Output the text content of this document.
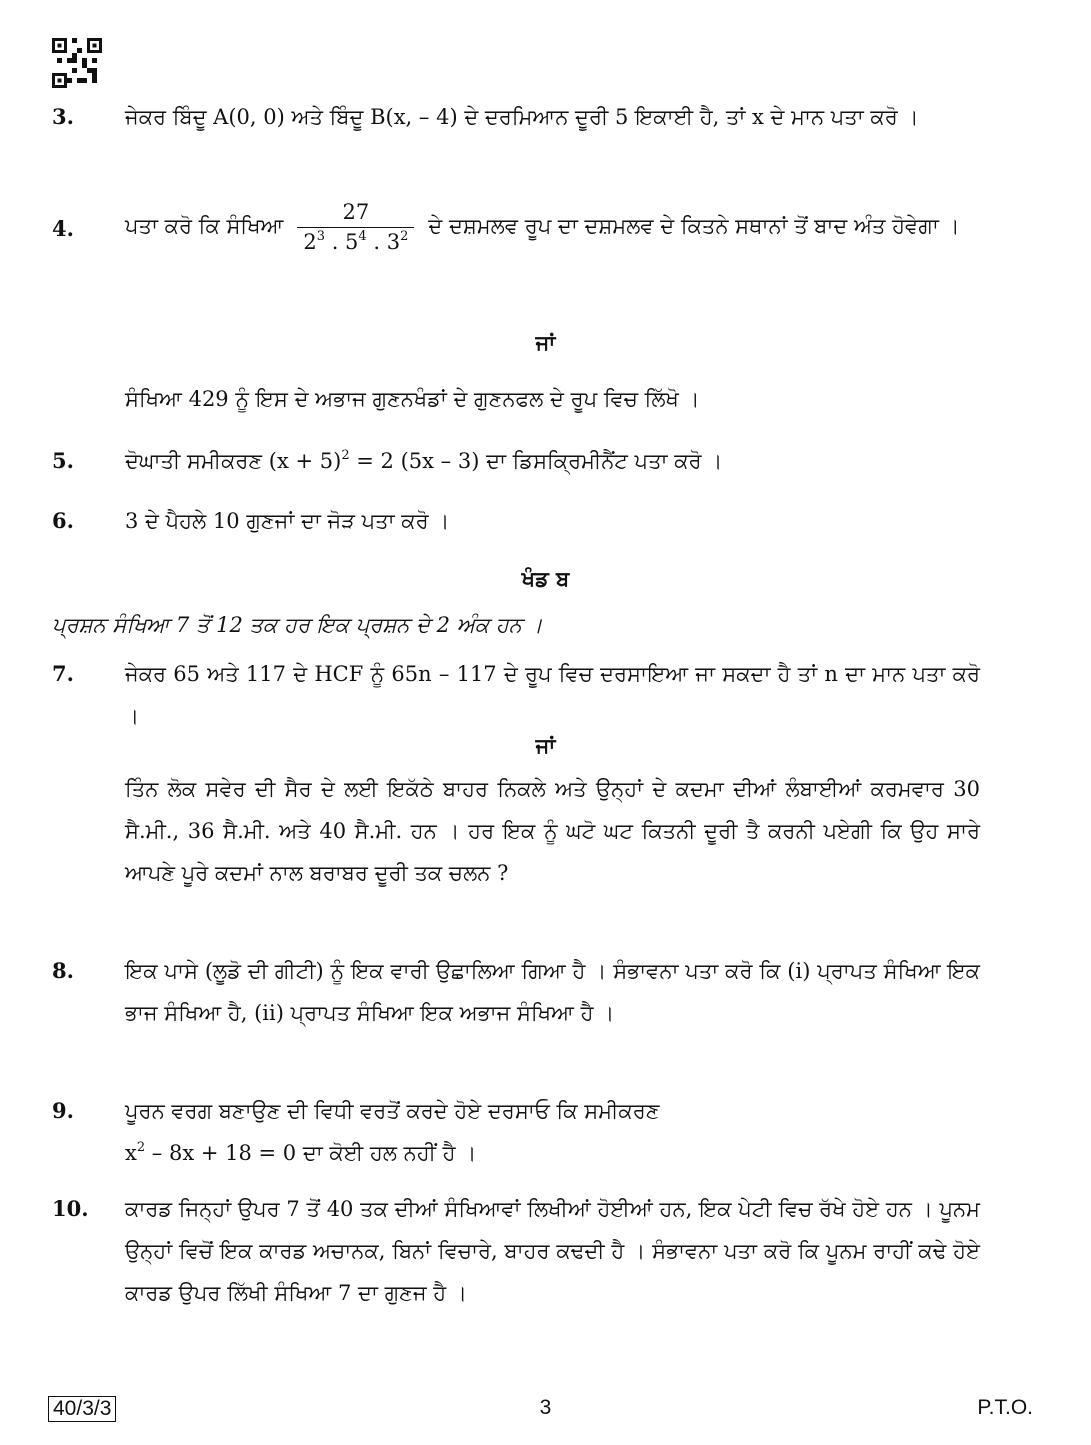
3. ਜੇਕਰ ਬਿੰਦੂ A(0, 0) ਅਤੇ ਬਿੰਦੂ B(x, – 4) ਦੇ ਦਰਮਿਆਨ ਦੂਰੀ 5 ਇਕਾਈ ਹੈ, ਤਾਂ x ਦੇ ਮਾਨ ਪਤਾ ਕਰੋ ।
4. ਪਤਾ ਕਰੋ ਕਿ ਸੰਖਿਆ $\frac{27}{2^3 . 5^4 . 3^2}$ ਦੇ ਦਸ਼ਮਲਵ ਰੂਪ ਦਾ ਦਸ਼ਮਲਵ ਦੇ ਕਿਤਨੇ ਸਥਾਨਾਂ ਤੋਂ ਬਾਦ ਅੰਤ ਹੋਵੇਗਾ ।
ਜਾਂ
ਸੰਖਿਆ 429 ਨੂੰ ਇਸ ਦੇ ਅਭਾਜ ਗੁਣਨਖੰਡਾਂ ਦੇ ਗੁਣਨਫਲ ਦੇ ਰੂਪ ਵਿਚ ਲਿੱਖੋ ।
5. ਦੋਘਾਤੀ ਸਮੀਕਰਣ $(x + 5)^2 = 2$ (5x – 3) ਦਾ ਡਿਸਕ੍ਰਿਮੀਨੈਂਟ ਪਤਾ ਕਰੋ ।
6. 3 ਦੇ ਪੈਹਲੇ 10 ਗੁਣਜਾਂ ਦਾ ਜੋੜ ਪਤਾ ਕਰੋ ।
ਖੰਡ ਬ
ਪ੍ਰਸ਼ਨ ਸੰਖਿਆ 7 ਤੋਂ 12 ਤਕ ਹਰ ਇਕ ਪ੍ਰਸ਼ਨ ਦੇ 2 ਅੰਕ ਹਨ ।
7. ਜੇਕਰ 65 ਅਤੇ 117 ਦੇ HCF ਨੂੰ 65n – 117 ਦੇ ਰੂਪ ਵਿਚ ਦਰਸਾਇਆ ਜਾ ਸਕਦਾ ਹੈ ਤਾਂ n ਦਾ ਮਾਨ ਪਤਾ ਕਰੋ ।
ਜਾਂ
ਤਿੰਨ ਲੋਕ ਸਵੇਰ ਦੀ ਸੈਰ ਦੇ ਲਈ ਇਕੱਠੇ ਬਾਹਰ ਨਿਕਲੇ ਅਤੇ ਉਨ੍ਹਾਂ ਦੇ ਕਦਮਾ ਦੀਆਂ ਲੰਬਾਈਆਂ ਕਰਮਵਾਰ 30 ਸੈ.ਮੀ., 36 ਸੈ.ਮੀ. ਅਤੇ 40 ਸੈ.ਮੀ. ਹਨ । ਹਰ ਇਕ ਨੂੰ ਘਟੋ ਘਟ ਕਿਤਨੀ ਦੂਰੀ ਤੈ ਕਰਨੀ ਪਏਗੀ ਕਿ ਉਹ ਸਾਰੇ ਆਪਣੇ ਪੂਰੇ ਕਦਮਾਂ ਨਾਲ ਬਰਾਬਰ ਦੂਰੀ ਤਕ ਚਲਨ ?
8. ਇਕ ਪਾਸੇ (ਲੂਡੋ ਦੀ ਗੀਟੀ) ਨੂੰ ਇਕ ਵਾਰੀ ਉਛਾਲਿਆ ਗਿਆ ਹੈ । ਸੰਭਾਵਨਾ ਪਤਾ ਕਰੋ ਕਿ (i) ਪ੍ਰਾਪਤ ਸੰਖਿਆ ਇਕ ਭਾਜ ਸੰਖਿਆ ਹੈ, (ii) ਪ੍ਰਾਪਤ ਸੰਖਿਆ ਇਕ ਅਭਾਜ ਸੰਖਿਆ ਹੈ ।
9. ਪੂਰਨ ਵਰਗ ਬਣਾਉਣ ਦੀ ਵਿਧੀ ਵਰਤੋਂ ਕਰਦੇ ਹੋਏ ਦਰਸਾਓ ਕਿ ਸਮੀਕਰਣ
$x^2 - 8x + 18 = 0$ ਦਾ ਕੋਈ ਹਲ ਨਹੀਂ ਹੈ ।
10. ਕਾਰਡ ਜਿਨ੍ਹਾਂ ਉਪਰ 7 ਤੋਂ 40 ਤਕ ਦੀਆਂ ਸੰਖਿਆਵਾਂ ਲਿਖੀਆਂ ਹੋਈਆਂ ਹਨ, ਇਕ ਪੇਟੀ ਵਿਚ ਰੱਖੇ ਹੋਏ ਹਨ । ਪੂਨਮ ਉਨ੍ਹਾਂ ਵਿਚੋਂ ਇਕ ਕਾਰਡ ਅਚਾਨਕ, ਬਿਨਾਂ ਵਿਚਾਰੇ, ਬਾਹਰ ਕਢਦੀ ਹੈ । ਸੰਭਾਵਨਾ ਪਤਾ ਕਰੋ ਕਿ ਪੂਨਮ ਰਾਹੀਂ ਕਢੇ ਹੋਏ ਕਾਰਡ ਉਪਰ ਲਿੱਖੀ ਸੰਖਿਆ 7 ਦਾ ਗੁਣਜ ਹੈ ।
40/3/3	3	P.T.O.
